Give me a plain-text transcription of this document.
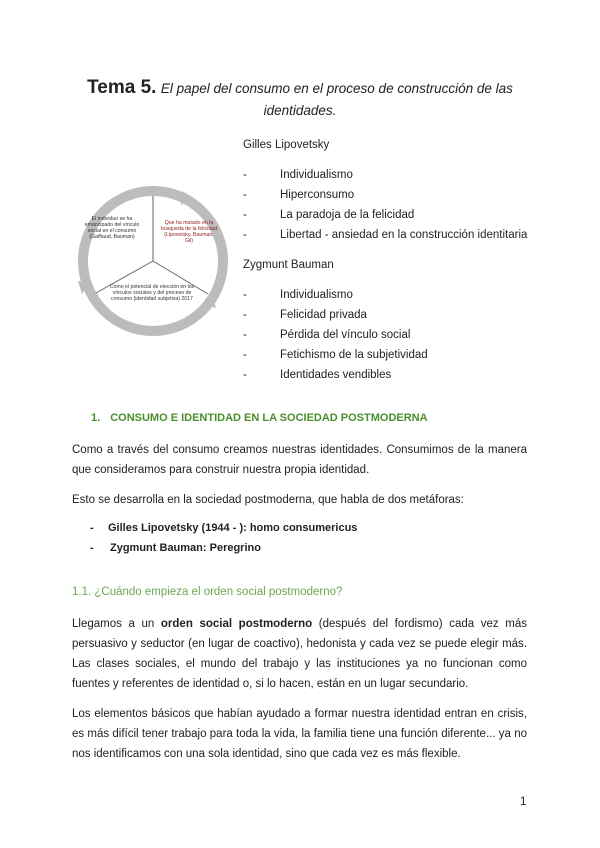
Tema 5. El papel del consumo en el proceso de construcción de las
identidades.
Gilles Lipovetsky
-	Individualismo
-	Hiperconsumo
-	La paradoja de la felicidad
-	Libertad - ansiedad en la construcción identitaria
Zygmunt Bauman
-	Individualismo
-	Felicidad privada
-	Pérdida del vínculo social
-	Fetichismo de la subjetividad
-	Identidades vendibles
El individuo se ha emancipado del vínculo social en el consumo (Gaffiaud, Bauman)
Que ha mutado en la búsqueda de la felicidad (Lipovetsky, Bauman, Gil)
Como el potencial de elección en los vínculos sociales y del proceso de consumo (identidad subjetiva) 2017
1. CONSUMO E IDENTIDAD EN LA SOCIEDAD POSTMODERNA
Como a través del consumo creamos nuestras identidades. Consumimos de la manera que consideramos para construir nuestra propia identidad.
Esto se desarrolla en la sociedad postmoderna, que habla de dos metáforas:
- Gilles Lipovetsky (1944 - ): homo consumericus
- Zygmunt Bauman: Peregrino
1.1. ¿Cuándo empieza el orden social postmoderno?
Llegamos a un orden social postmoderno (después del fordismo) cada vez más persuasivo y seductor (en lugar de coactivo), hedonista y cada vez se puede elegir más. Las clases sociales, el mundo del trabajo y las instituciones ya no funcionan como fuentes y referentes de identidad o, si lo hacen, están en un lugar secundario.
Los elementos básicos que habían ayudado a formar nuestra identidad entran en crisis, es más difícil tener trabajo para toda la vida, la familia tiene una función diferente... ya no nos identificamos con una sola identidad, sino que cada vez es más flexible.
1
